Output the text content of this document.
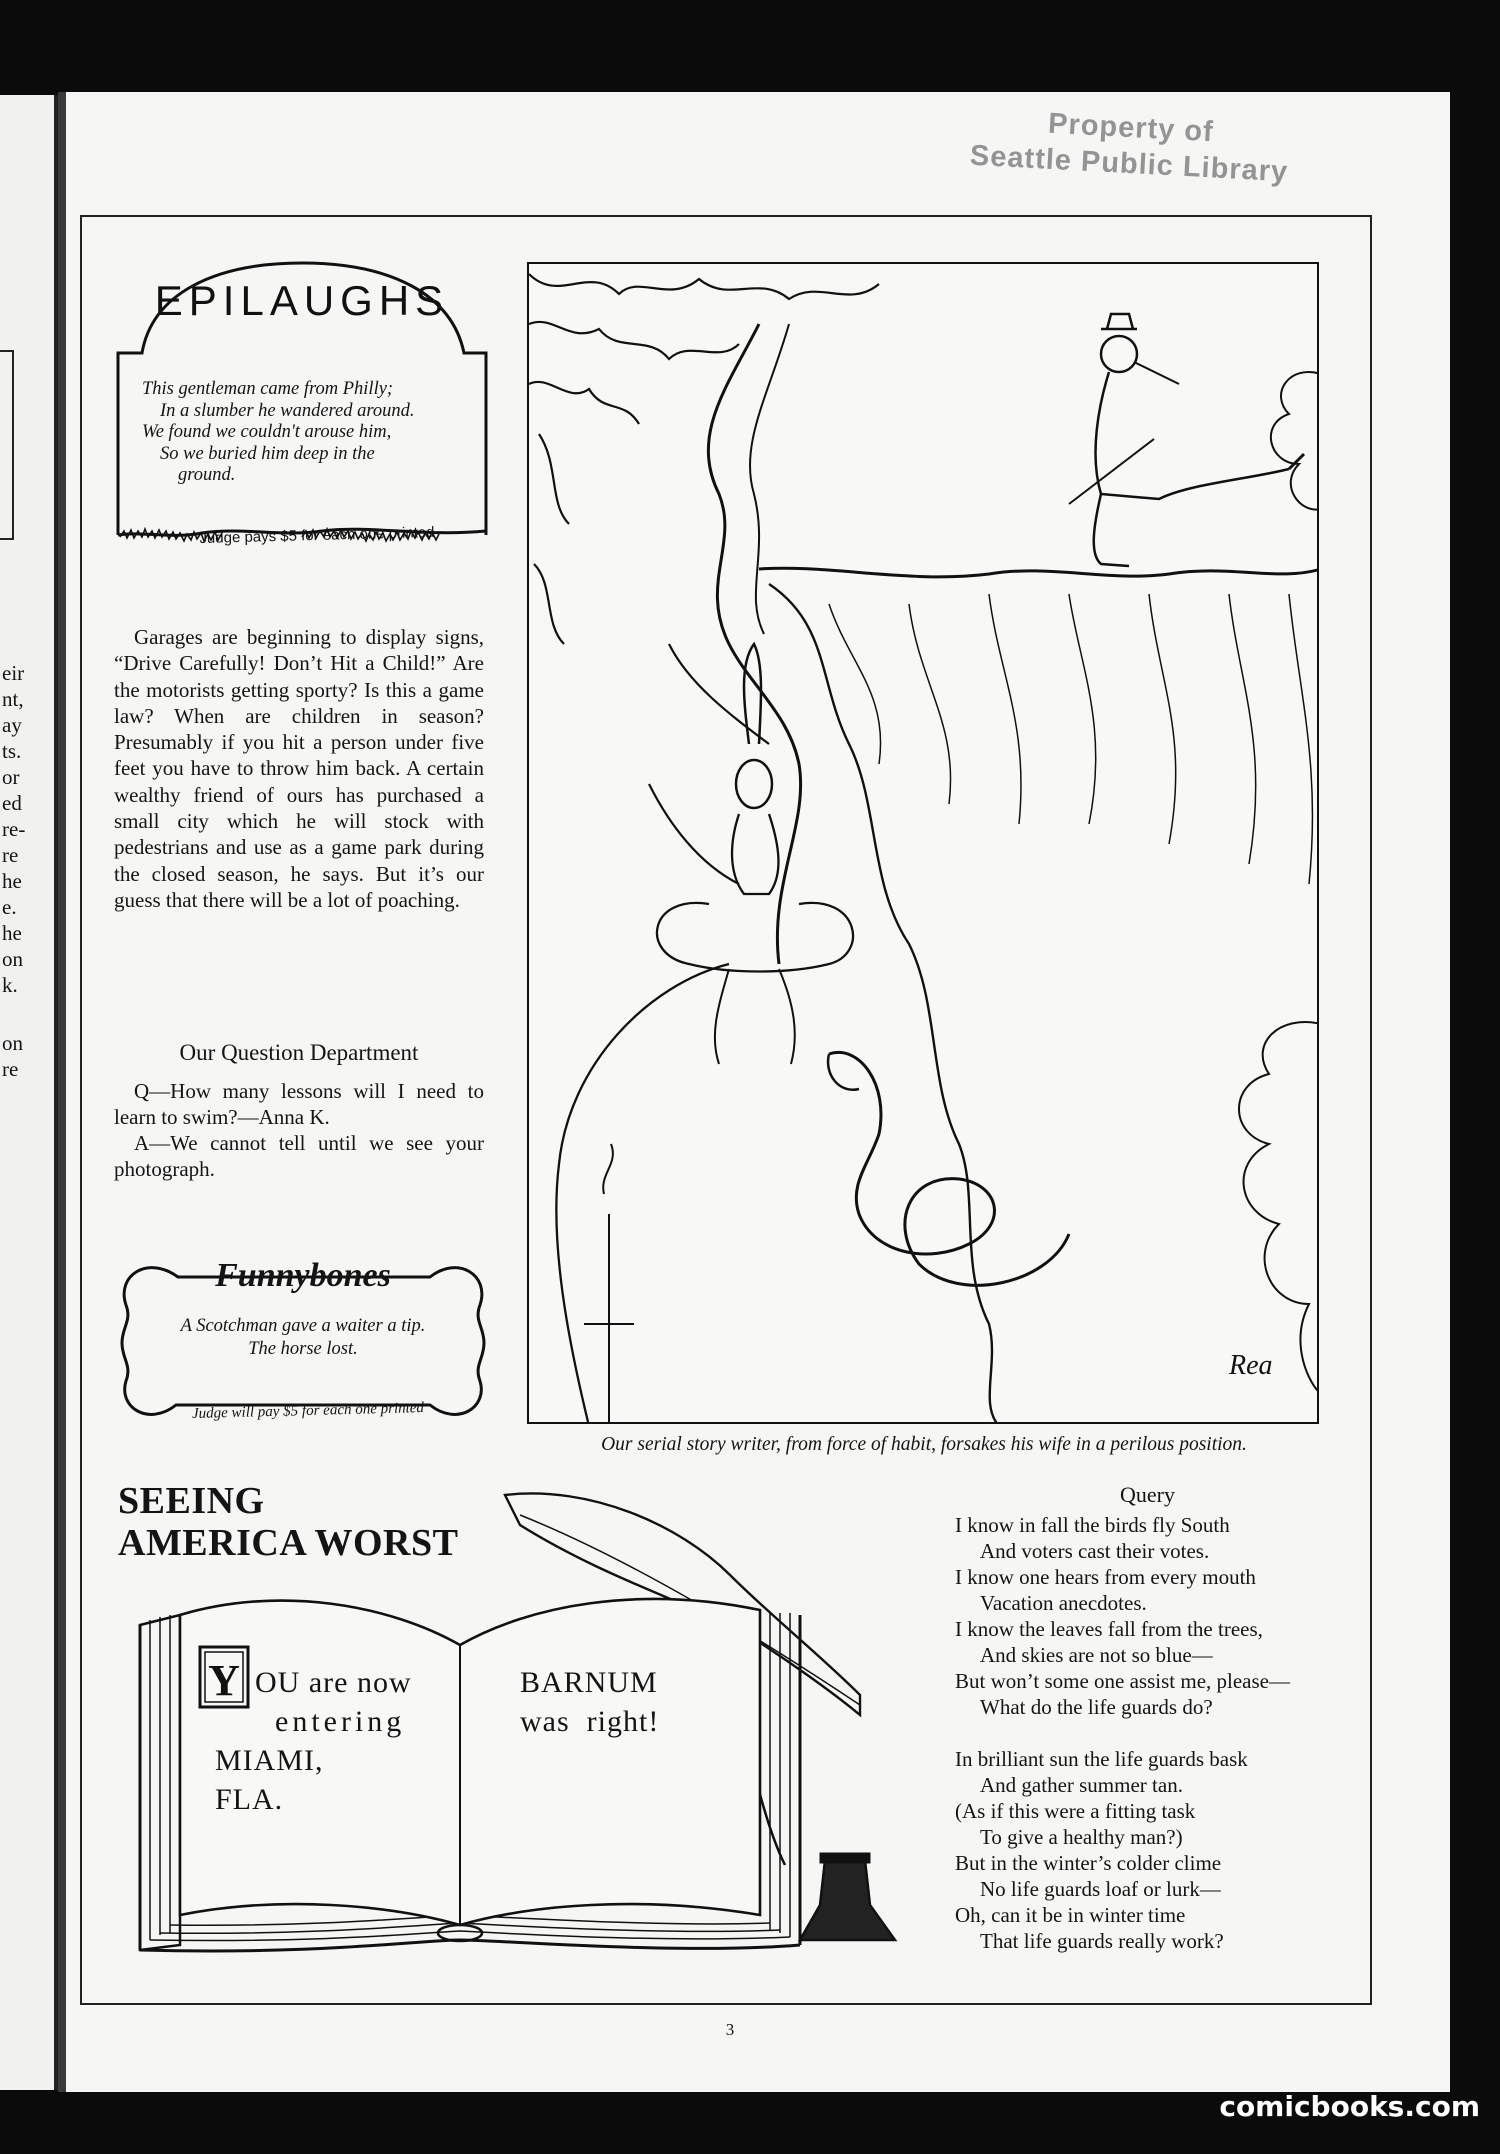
eir
nt,
ay
ts.
or
ed
re-
re
he
e.
he
on
k.
on
re
Property of
Seattle Public Library
EPILAUGHS
This gentleman came from Philly;
In a slumber he wandered around.
We found we couldn't arouse him,
So we buried him deep in the
ground.
Judge pays $5 for each one printed
Garages are beginning to display signs, “Drive Carefully! Don’t Hit a Child!” Are the motorists getting sporty? Is this a game law? When are children in season? Presumably if you hit a person under five feet you have to throw him back. A certain wealthy friend of ours has purchased a small city which he will stock with pedestrians and use as a game park during the closed season, he says. But it’s our guess that there will be a lot of poaching.
Our Question Department

Q—How many lessons will I need to learn to swim?—Anna K.

A—We cannot tell until we see your photograph.

Funnybones
A Scotchman gave a waiter a tip.
The horse lost.
Judge will pay $5 for each one printed
Rea
Our serial story writer, from force of habit, forsakes his wife in a perilous position.
Y OU are now
entering
MIAMI,
FLA.
BARNUM
was  right!
SEEING
AMERICA WORST
Query
I know in fall the birds fly South
And voters cast their votes.
I know one hears from every mouth
Vacation anecdotes.
I know the leaves fall from the trees,
And skies are not so blue—
But won’t some one assist me, please—
What do the life guards do?
In brilliant sun the life guards bask
And gather summer tan.
(As if this were a fitting task
To give a healthy man?)
But in the winter’s colder clime
No life guards loaf or lurk—
Oh, can it be in winter time
That life guards really work?
3
comicbooks.com
